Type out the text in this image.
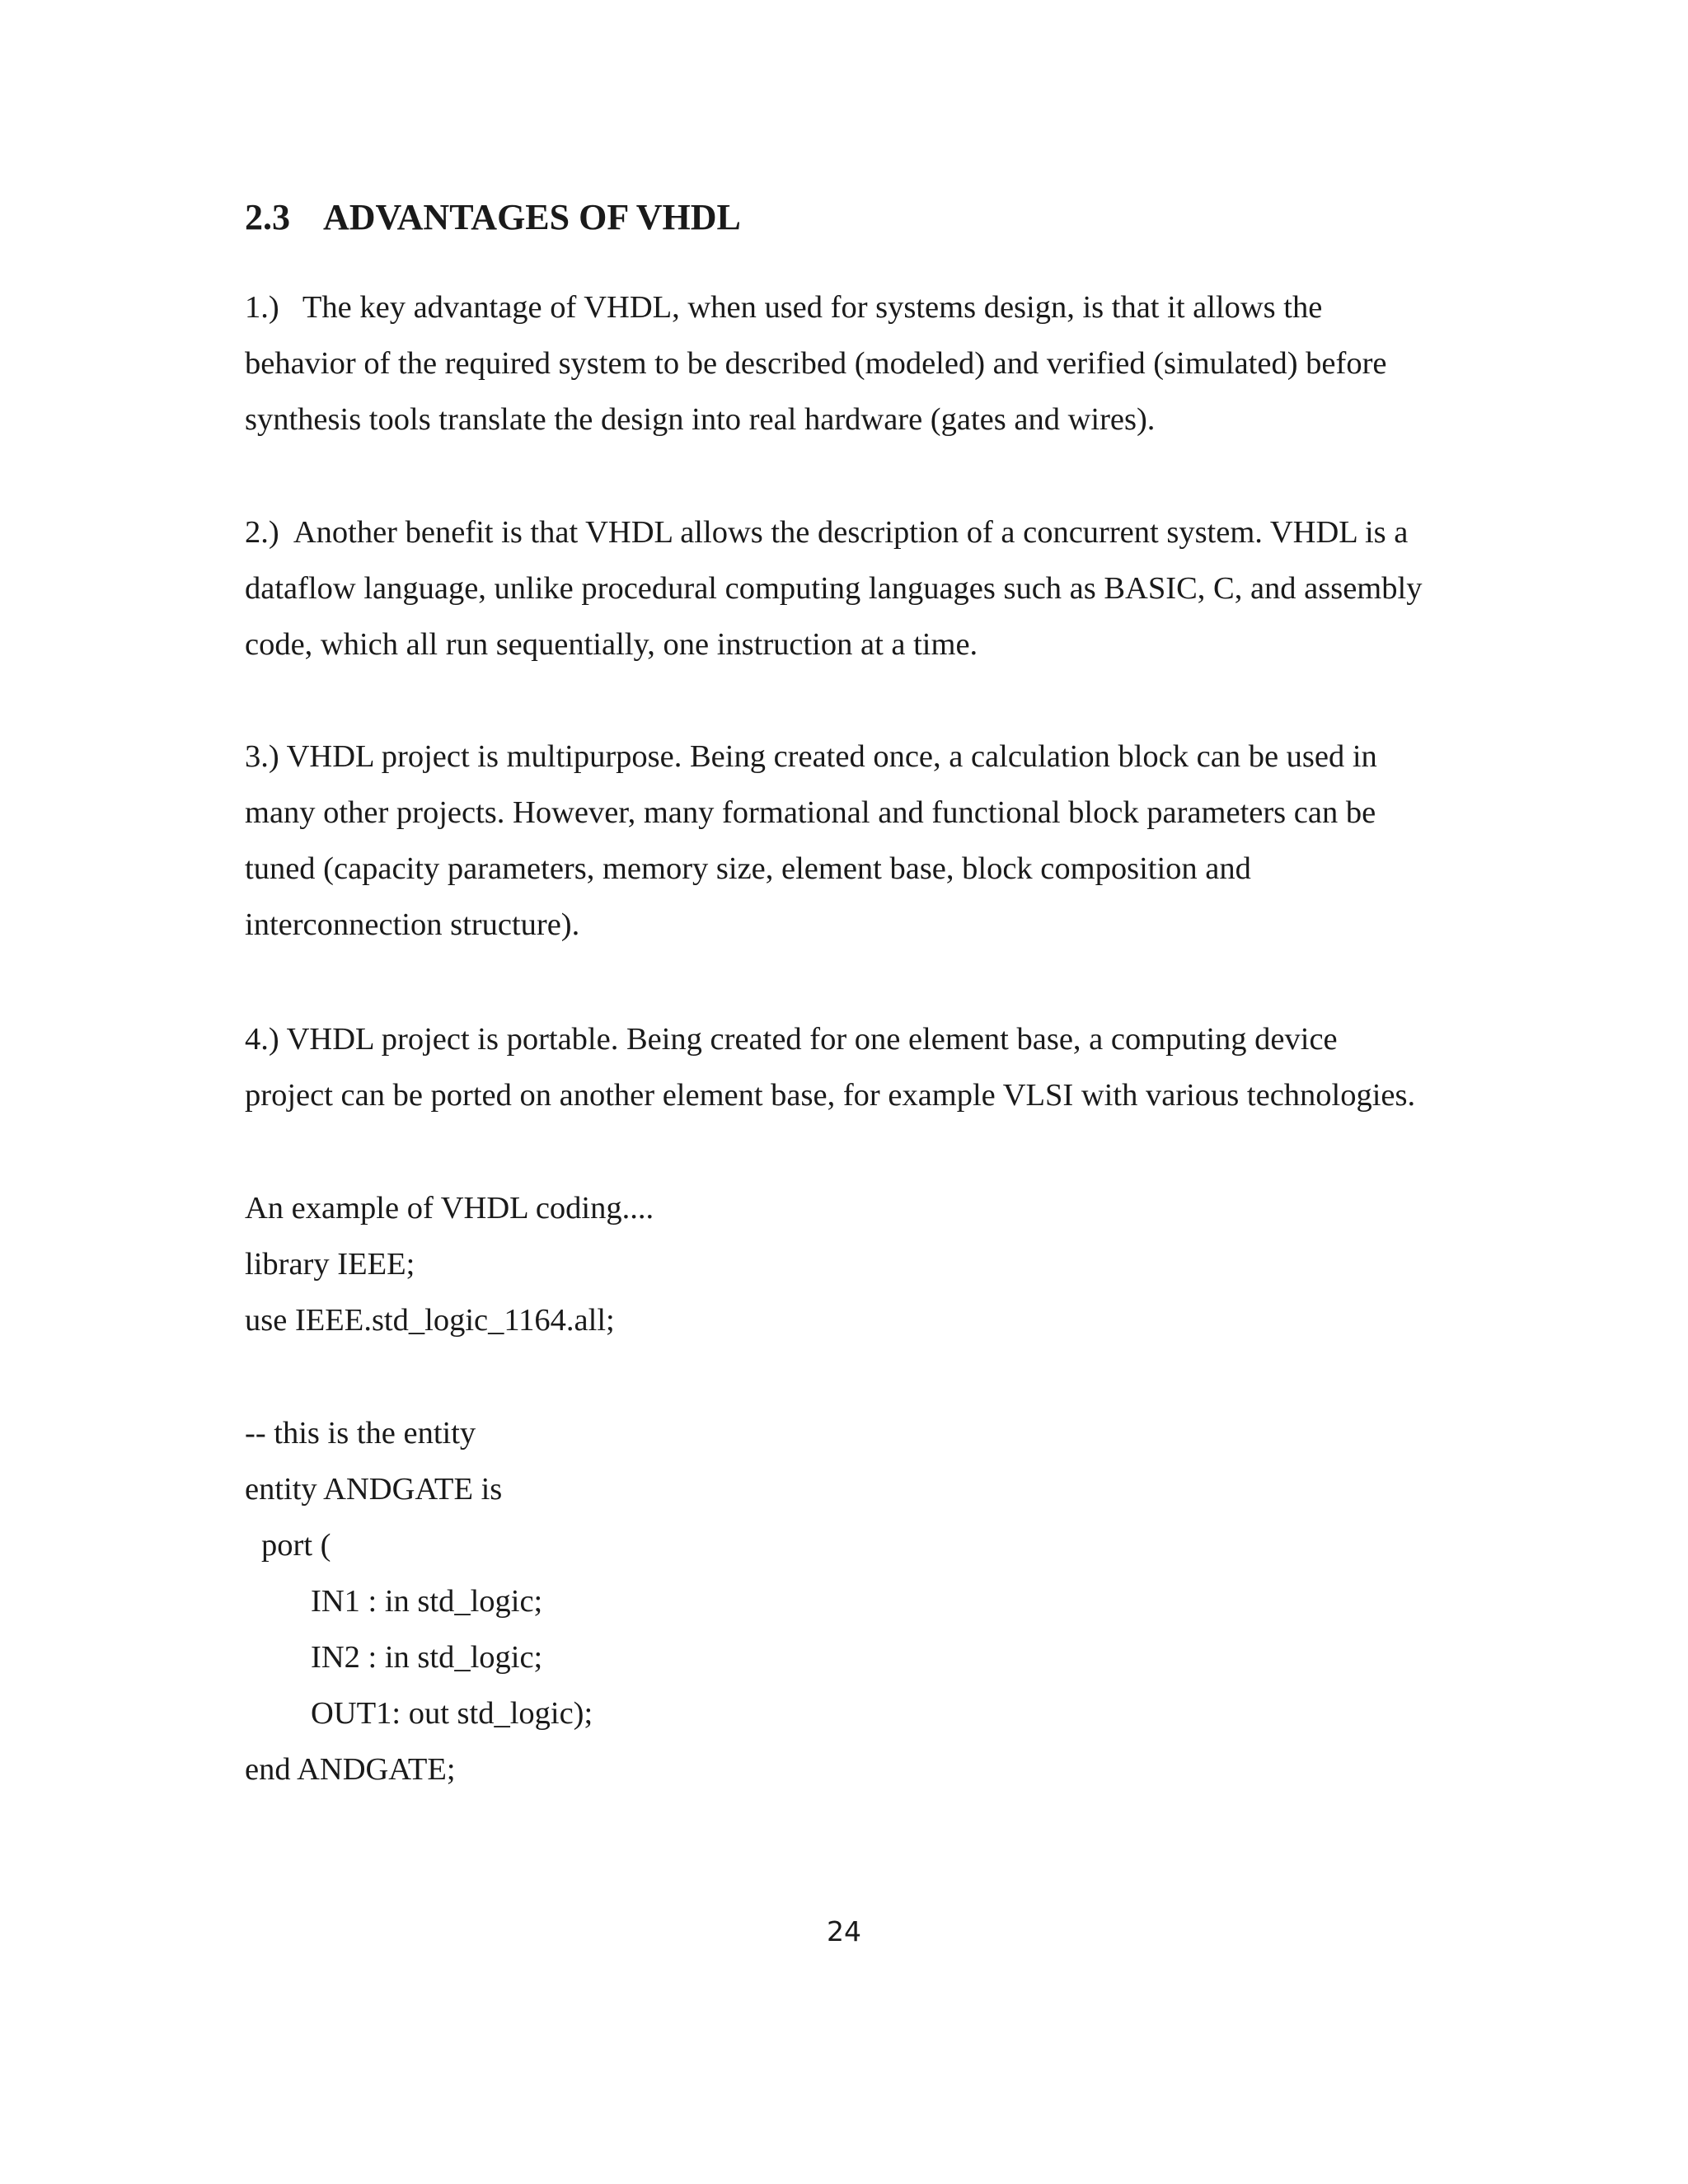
2.3 ADVANTAGES OF VHDL
1.)   The key advantage of VHDL, when used for systems design, is that it allows the
behavior of the required system to be described (modeled) and verified (simulated) before
synthesis tools translate the design into real hardware (gates and wires).
2.)  Another benefit is that VHDL allows the description of a concurrent system. VHDL is a
dataflow language, unlike procedural computing languages such as BASIC, C, and assembly
code, which all run sequentially, one instruction at a time.
3.) VHDL project is multipurpose. Being created once, a calculation block can be used in
many other projects. However, many formational and functional block parameters can be
tuned (capacity parameters, memory size, element base, block composition and
interconnection structure).
4.) VHDL project is portable. Being created for one element base, a computing device
project can be ported on another element base, for example VLSI with various technologies.
An example of VHDL coding....
library IEEE;
use IEEE.std_logic_1164.all;
-- this is the entity
entity ANDGATE is
port (
IN1 : in std_logic;
IN2 : in std_logic;
OUT1: out std_logic);
end ANDGATE;
24
